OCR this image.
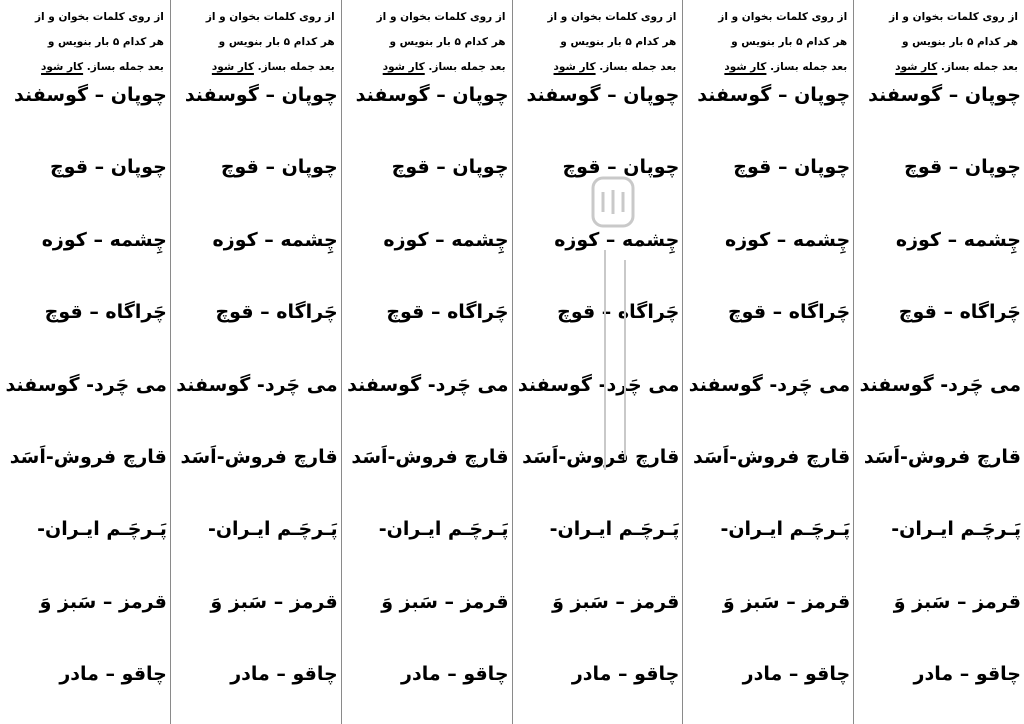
از روی کلمات بخوان و از
هر کدام ۵ بار بنویس و
بعد جمله بساز. کار شود
چوپان – گوسفند
چوپان – قوچ
چِشمه – کوزه
چَراگاه – قوچ
می چَرد- گوسفند
قارچ فروش-اَسَد
پَـرچَـم ایـران-
قرمز – سَبز وَ
چاقو – مادر
از روی کلمات بخوان و از
هر کدام ۵ بار بنویس و
بعد جمله بساز. کار شود
چوپان – گوسفند
چوپان – قوچ
چِشمه – کوزه
چَراگاه – قوچ
می چَرد- گوسفند
قارچ فروش-اَسَد
پَـرچَـم ایـران-
قرمز – سَبز وَ
چاقو – مادر
از روی کلمات بخوان و از
هر کدام ۵ بار بنویس و
بعد جمله بساز. کار شود
چوپان – گوسفند
چوپان – قوچ
چِشمه – کوزه
چَراگاه – قوچ
می چَرد- گوسفند
قارچ فروش-اَسَد
پَـرچَـم ایـران-
قرمز – سَبز وَ
چاقو – مادر
از روی کلمات بخوان و از
هر کدام ۵ بار بنویس و
بعد جمله بساز. کار شود
چوپان – گوسفند
چوپان – قوچ
چِشمه – کوزه
چَراگاه – قوچ
می چَرد- گوسفند
قارچ فروش-اَسَد
پَـرچَـم ایـران-
قرمز – سَبز وَ
چاقو – مادر
از روی کلمات بخوان و از
هر کدام ۵ بار بنویس و
بعد جمله بساز. کار شود
چوپان – گوسفند
چوپان – قوچ
چِشمه – کوزه
چَراگاه – قوچ
می چَرد- گوسفند
قارچ فروش-اَسَد
پَـرچَـم ایـران-
قرمز – سَبز وَ
چاقو – مادر
از روی کلمات بخوان و از
هر کدام ۵ بار بنویس و
بعد جمله بساز. کار شود
چوپان – گوسفند
چوپان – قوچ
چِشمه – کوزه
چَراگاه – قوچ
می چَرد- گوسفند
قارچ فروش-اَسَد
پَـرچَـم ایـران-
قرمز – سَبز وَ
چاقو – مادر
